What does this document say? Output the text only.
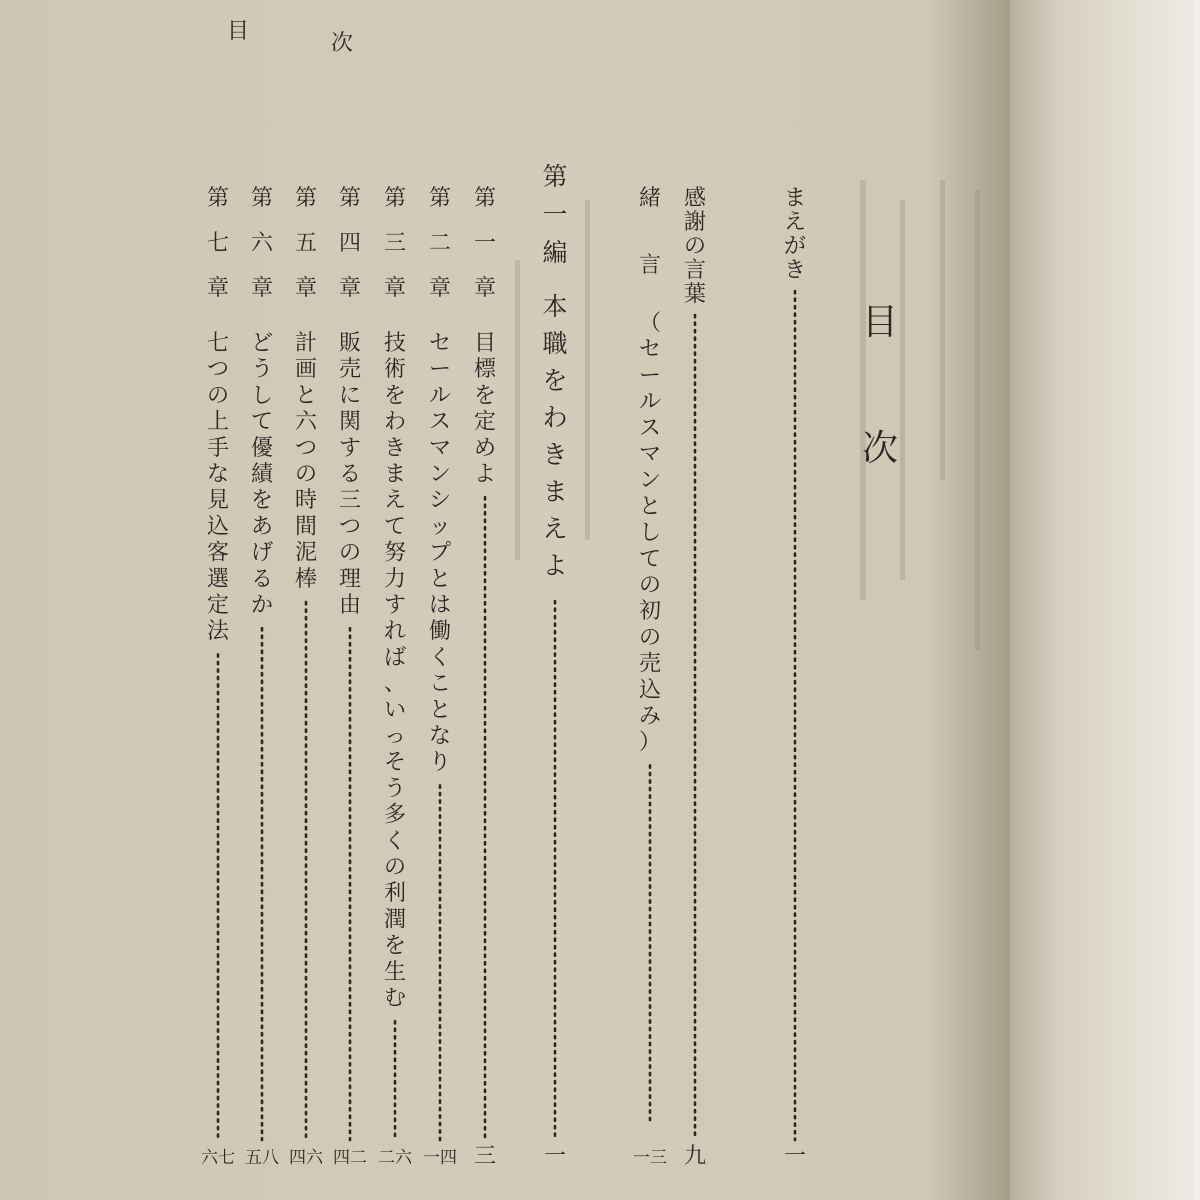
目	次
目
次
まえがき
一
感謝の言葉
九
緒　　言
（セールスマンとしての初の売込み）
一三
第一編
本職をわきまえよ
一
第一章
目標を定めよ
三
第二章
セールスマンシップとは働くことなり
一四
第三章
技術をわきまえて努力すれば、いっそう多くの利潤を生む
二六
第四章
販売に関する三つの理由
四二
第五章
計画と六つの時間泥棒
四六
第六章
どうして優績をあげるか
五八
第七章
七つの上手な見込客選定法
六七
